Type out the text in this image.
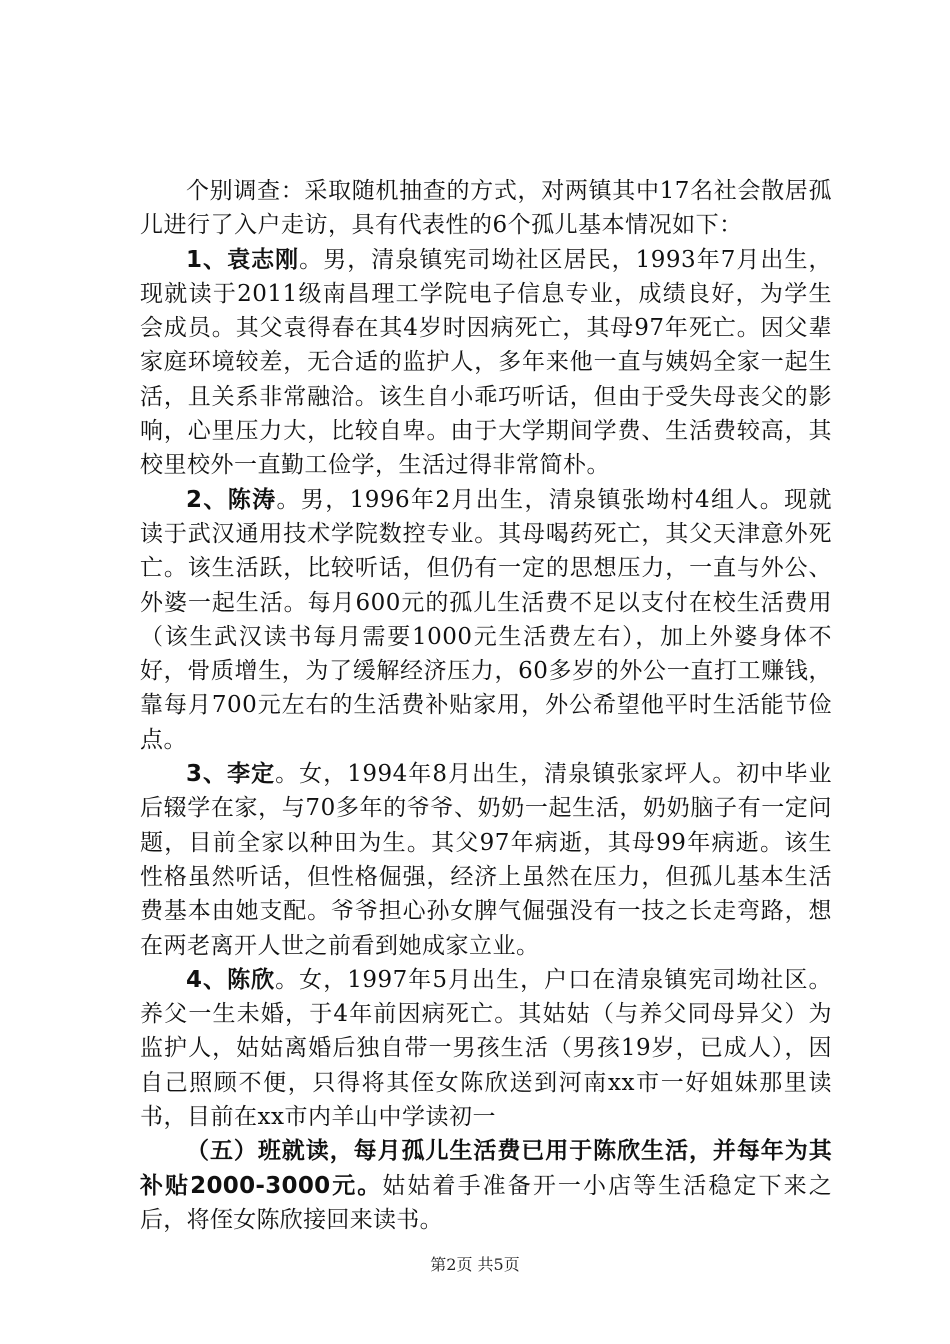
个别调查：采取随机抽查的方式，对两镇其中17名社会散居孤儿进行了入户走访，具有代表性的6个孤儿基本情况如下：

1、袁志刚。男，清泉镇宪司坳社区居民，1993年7月出生，现就读于2011级南昌理工学院电子信息专业，成绩良好，为学生会成员。其父袁得春在其4岁时因病死亡，其母97年死亡。因父辈家庭环境较差，无合适的监护人，多年来他一直与姨妈全家一起生活，且关系非常融洽。该生自小乖巧听话，但由于受失母丧父的影响，心里压力大，比较自卑。由于大学期间学费、生活费较高，其校里校外一直勤工俭学，生活过得非常简朴。

2、陈涛。男，1996年2月出生，清泉镇张坳村4组人。现就读于武汉通用技术学院数控专业。其母喝药死亡，其父天津意外死亡。该生活跃，比较听话，但仍有一定的思想压力，一直与外公、外婆一起生活。每月600元的孤儿生活费不足以支付在校生活费用（该生武汉读书每月需要1000元生活费左右），加上外婆身体不好，骨质增生，为了缓解经济压力，60多岁的外公一直打工赚钱，靠每月700元左右的生活费补贴家用，外公希望他平时生活能节俭点。

3、李定。女，1994年8月出生，清泉镇张家坪人。初中毕业后辍学在家，与70多年的爷爷、奶奶一起生活，奶奶脑子有一定问题，目前全家以种田为生。其父97年病逝，其母99年病逝。该生性格虽然听话，但性格倔强，经济上虽然在压力，但孤儿基本生活费基本由她支配。爷爷担心孙女脾气倔强没有一技之长走弯路，想在两老离开人世之前看到她成家立业。

4、陈欣。女，1997年5月出生，户口在清泉镇宪司坳社区。养父一生未婚，于4年前因病死亡。其姑姑（与养父同母异父）为监护人，姑姑离婚后独自带一男孩生活（男孩19岁，已成人），因自己照顾不便，只得将其侄女陈欣送到河南xx市一好姐妹那里读书，目前在xx市内羊山中学读初一

（五）班就读，每月孤儿生活费已用于陈欣生活，并每年为其补贴2000-3000元。姑姑着手准备开一小店等生活稳定下来之后，将侄女陈欣接回来读书。

第2页 共5页
